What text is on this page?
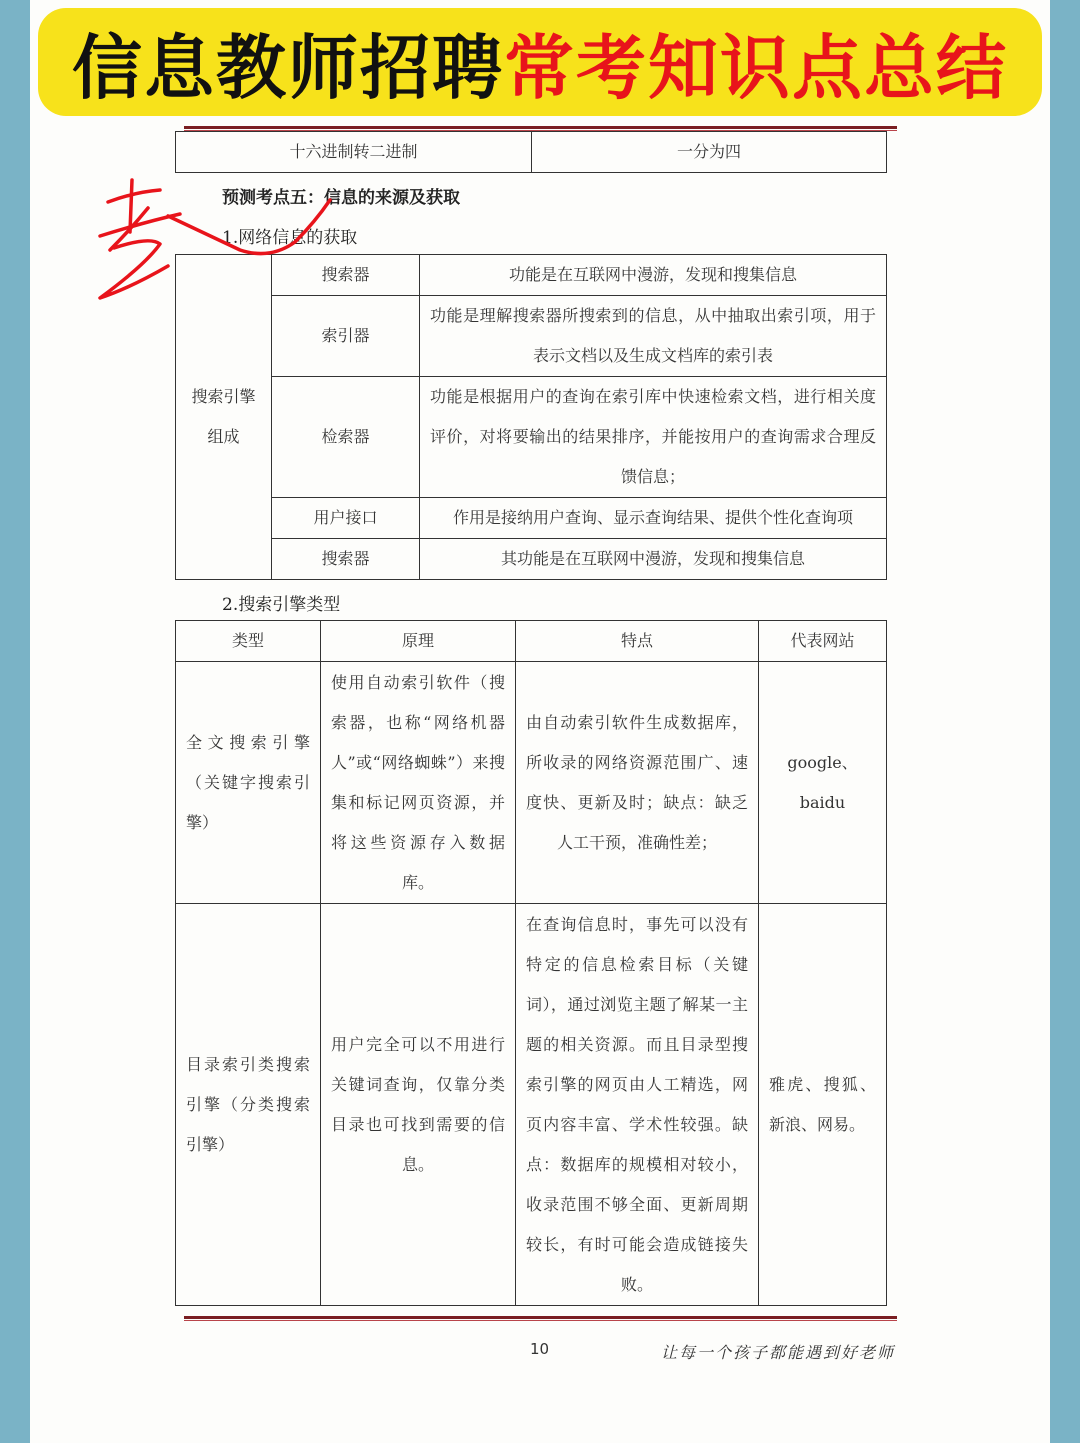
信息教师招聘 常考知识点总结
十六进制转二进制	一分为四
预测考点五：信息的来源及获取
1.网络信息的获取
搜索引擎
组成	搜索器	功能是在互联网中漫游，发现和搜集信息
	索引器	功能是理解搜索器所搜索到的信息，从中抽取出索引项，用于表示文档以及生成文档库的索引表
	检索器	功能是根据用户的查询在索引库中快速检索文档，进行相关度评价，对将要输出的结果排序，并能按用户的查询需求合理反馈信息；
	用户接口	作用是接纳用户查询、显示查询结果、提供个性化查询项
	搜索器	其功能是在互联网中漫游，发现和搜集信息
2.搜索引擎类型
类型	原理	特点	代表网站
全文搜索引擎（关键字搜索引擎）	使用自动索引软件（搜索器，也称“网络机器人”或“网络蜘蛛”）来搜集和标记网页资源，并将这些资源存入数据库。	由自动索引软件生成数据库，所收录的网络资源范围广、速度快、更新及时；缺点：缺乏人工干预，准确性差；	google、baidu
目录索引类搜索引擎（分类搜索引擎）	用户完全可以不用进行关键词查询，仅靠分类目录也可找到需要的信息。	在查询信息时，事先可以没有特定的信息检索目标（关键词），通过浏览主题了解某一主题的相关资源。而且目录型搜索引擎的网页由人工精选，网页内容丰富、学术性较强。缺点：数据库的规模相对较小，收录范围不够全面、更新周期较长，有时可能会造成链接失败。	雅虎、搜狐、新浪、网易。
10	让每一个孩子都能遇到好老师
